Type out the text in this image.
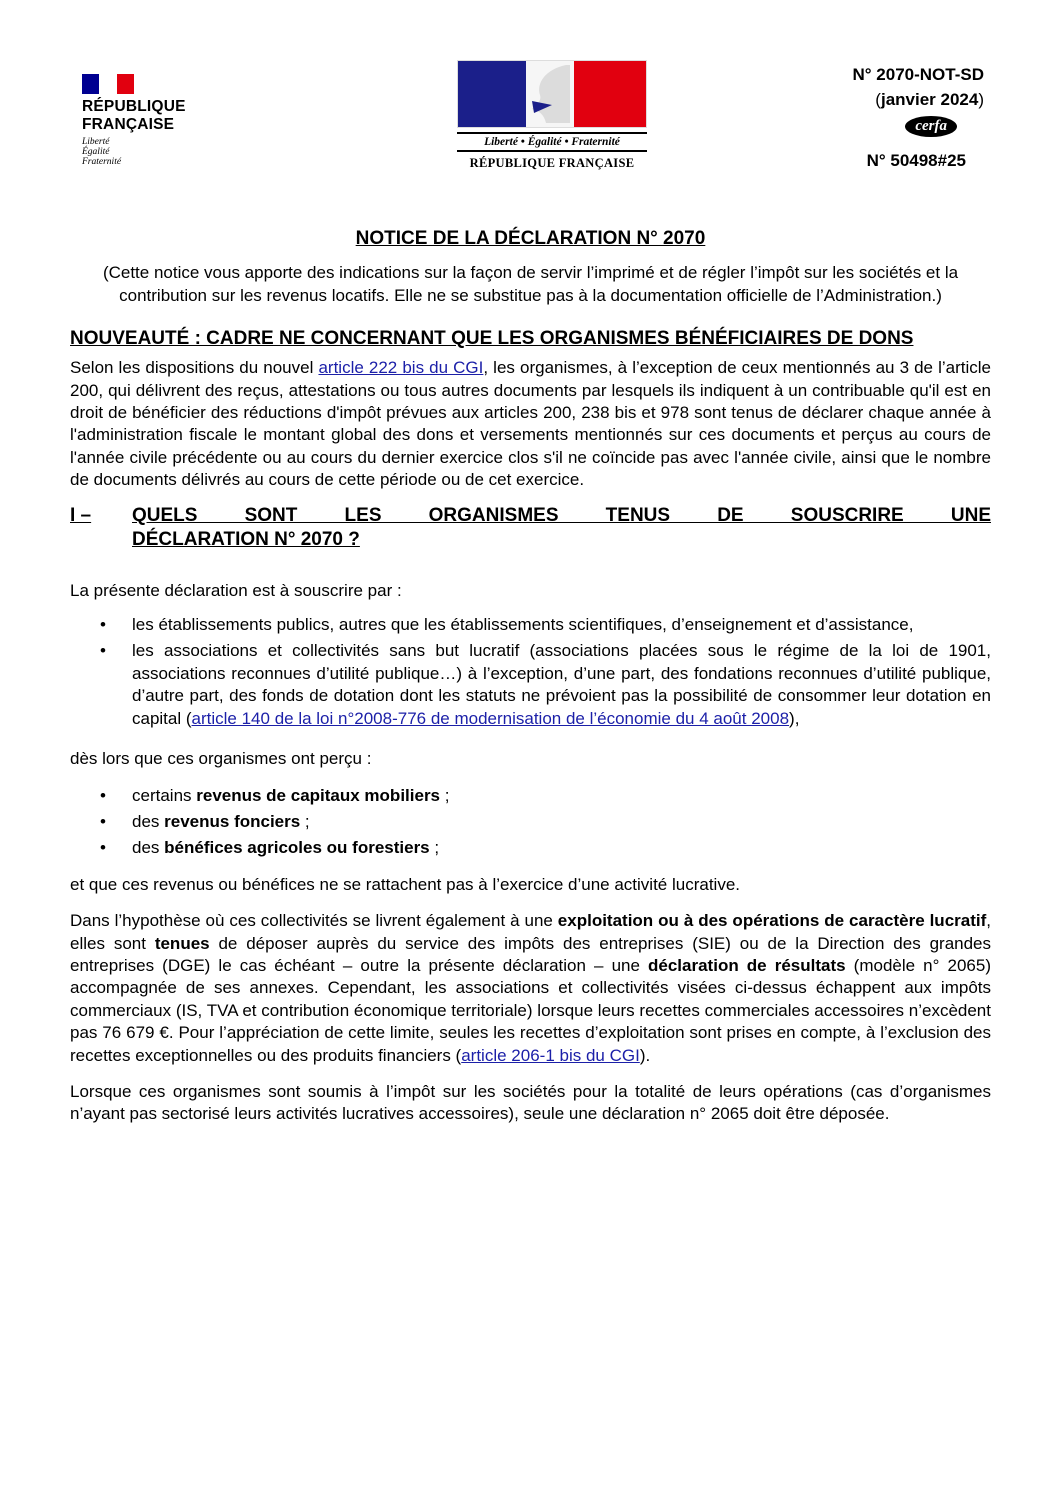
RÉPUBLIQUE
FRANÇAISE
Liberté
Égalité
Fraternité
Liberté • Égalité • Fraternité
RÉPUBLIQUE FRANÇAISE
N° 2070-NOT-SD
(janvier 2024)
cerfa
N° 50498#25
NOTICE DE LA DÉCLARATION N° 2070
(Cette notice vous apporte des indications sur la façon de servir l’imprimé et de régler l’impôt sur les sociétés et la contribution sur les revenus locatifs. Elle ne se substitue pas à la documentation officielle de l’Administration.)
NOUVEAUTÉ : CADRE NE CONCERNANT QUE LES ORGANISMES BÉNÉFICIAIRES DE DONS

Selon les dispositions du nouvel article 222 bis du CGI, les organismes, à l’exception de ceux mentionnés au 3 de l’article 200, qui délivrent des reçus, attestations ou tous autres documents par lesquels ils indiquent à un contribuable qu'il est en droit de bénéficier des réductions d'impôt prévues aux articles 200, 238 bis et 978 sont tenus de déclarer chaque année à l'administration fiscale le montant global des dons et versements mentionnés sur ces documents et perçus au cours de l'année civile précédente ou au cours du dernier exercice clos s'il ne coïncide pas avec l'année civile, ainsi que le nombre de documents délivrés au cours de cette période ou de cet exercice.

I –	QUELS SONT LES ORGANISMES TENUS DE SOUSCRIRE UNE
DÉCLARATION N° 2070 ?

La présente déclaration est à souscrire par :

• les établissements publics, autres que les établissements scientifiques, d’enseignement et d’assistance,
• les associations et collectivités sans but lucratif (associations placées sous le régime de la loi de 1901, associations reconnues d’utilité publique…) à l’exception, d’une part, des fondations reconnues d’utilité publique, d’autre part, des fonds de dotation dont les statuts ne prévoient pas la possibilité de consommer leur dotation en capital (article 140 de la loi n°2008-776 de modernisation de l’économie du 4 août 2008),

dès lors que ces organismes ont perçu :

• certains revenus de capitaux mobiliers ;
• des revenus fonciers ;
• des bénéfices agricoles ou forestiers ;

et que ces revenus ou bénéfices ne se rattachent pas à l’exercice d’une activité lucrative.

Dans l’hypothèse où ces collectivités se livrent également à une exploitation ou à des opérations de caractère lucratif, elles sont tenues de déposer auprès du service des impôts des entreprises (SIE) ou de la Direction des grandes entreprises (DGE) le cas échéant – outre la présente déclaration – une déclaration de résultats (modèle n° 2065) accompagnée de ses annexes. Cependant, les associations et collectivités visées ci-dessus échappent aux impôts commerciaux (IS, TVA et contribution économique territoriale) lorsque leurs recettes commerciales accessoires n’excèdent pas 76 679 €. Pour l’appréciation de cette limite, seules les recettes d’exploitation sont prises en compte, à l’exclusion des recettes exceptionnelles ou des produits financiers (article 206-1 bis du CGI).

Lorsque ces organismes sont soumis à l’impôt sur les sociétés pour la totalité de leurs opérations (cas d’organismes n’ayant pas sectorisé leurs activités lucratives accessoires), seule une déclaration n° 2065 doit être déposée.
